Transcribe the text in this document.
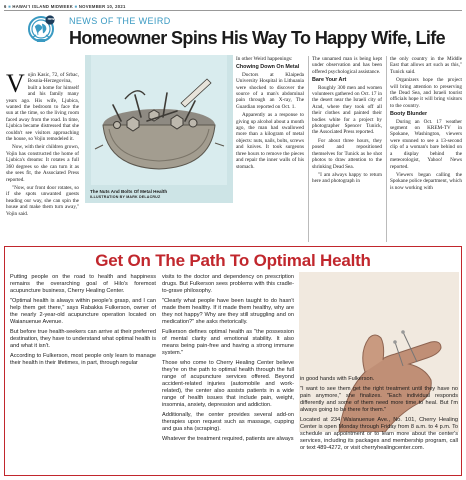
6 ■ HAWAI'I ISLAND MIDWEEK ■ NOVEMBER 10, 2021
mw NEWS OF THE WEIRD
Homeowner Spins His Way To Happy Wife, Life
V ojin Kasic, 72, of Srbac, Bosnia-Herzegovina, built a home for himself and his family many years ago. His wife, Ljubica, wanted the bedroom to face the sun at the time, so the living room faced away from the road. In time, Ljubica became distressed that she couldn't see visitors approaching the house, so Vojin remodeled it.

Now, with their children grown, Vojin has constructed the home of Ljubica's dreams: It rotates a full 360 degrees so she can turn it as she sees fit, the Associated Press reported.

"Now, our front door rotates, so if she spots unwanted guests heading our way, she can spin the house and make them turn away," Vojin said.

The Nuts And Bolts Of Metal Health
ILLUSTRATION BY MARK DELACRUZ

In other Weird happenings:

Chowing Down On Metal

Doctors at Klaipeda University Hospital in Lithuania were shocked to discover the source of a man's abdominal pain through an X-ray, The Guardian reported on Oct. 1.

Apparently as a response to giving up alcohol about a month ago, the man had swallowed more than a kilogram of metal objects: nuts, nails, bolts, screws and knives. It took surgeons three hours to remove the pieces and repair the inner walls of his stomach.

The unnamed man is being kept under observation and has been offered psychological assistance.

Bare Your Art

Roughly 300 men and women volunteers gathered on Oct. 17 in the desert near the Israeli city of Arad, where they took off all their clothes and painted their bodies white for a project by photographer Spencer Tunick, the Associated Press reported.

For about three hours, they posed and repositioned themselves for Tunick as he shot photos to draw attention to the shrinking Dead Sea.

"I am always happy to return here and photograph in

the only country in the Middle East that allows art such as this," Tunick said.

Organizers hope the project will bring attention to preserving the Dead Sea, and Israeli tourist officials hope it will bring visitors to the country.

Booty Blunder

During an Oct. 17 weather segment on KREM-TV in Spokane, Washington, viewers were stunned to see a 13-second clip of a woman's bare behind on a display behind the meteorologist, Yahoo! News reported.

Viewers began calling the Spokane police department, which is now working with

Get On The Path To Optimal Health

Putting people on the road to health and happiness remains the overarching goal of Hilo's foremost acupuncture business, Cherry Healing Center.

"Optimal health is always within people's grasp, and I can help them get there," says Rabakka Fulkerson, owner of the nearly 2-year-old acupuncture operation located on Waianuenue Avenue.

But before true health-seekers can arrive at their preferred destination, they have to understand what optimal health is and what it isn't.

According to Fulkerson, most people only learn to manage their health in their lifetimes, in part, through regular

visits to the doctor and dependency on prescription drugs. But Fulkerson sees problems with this cradle-to-grave philosophy.

"Clearly what people have been taught to do hasn't made them healthy. If it made them healthy, why are they not happy? Why are they still struggling and on medication?" she asks rhetorically.

Fulkerson defines optimal health as "the possession of mental clarity and emotional stability. It also means being pain-free and having a strong immune system."

Those who come to Cherry Healing Center believe they're on the path to optimal health through the full range of acupuncture services offered. Beyond accident-related injuries (automobile and work-related), the center also assists patients in a wide range of health issues that include pain, weight, insomnia, anxiety, depression and addiction.

Additionally, the center provides several add-on therapies upon request such as massage, cupping and gua sha (scraping).

Whatever the treatment required, patients are always

in good hands with Fulkerson.

"I want to see them get the right treatment until they have no pain anymore," she finalizes. "Each individual responds differently and some of them need more time to heal. But I'm always going to be there for them."

Located at 234 Waianuenue Ave., No. 101, Cherry Healing Center is open Monday through Friday from 8 a.m. to 4 p.m. To schedule an appointment or to learn more about the center's services, including its packages and membership program, call or text 489-4272, or visit cherryhealingcenter.com.
